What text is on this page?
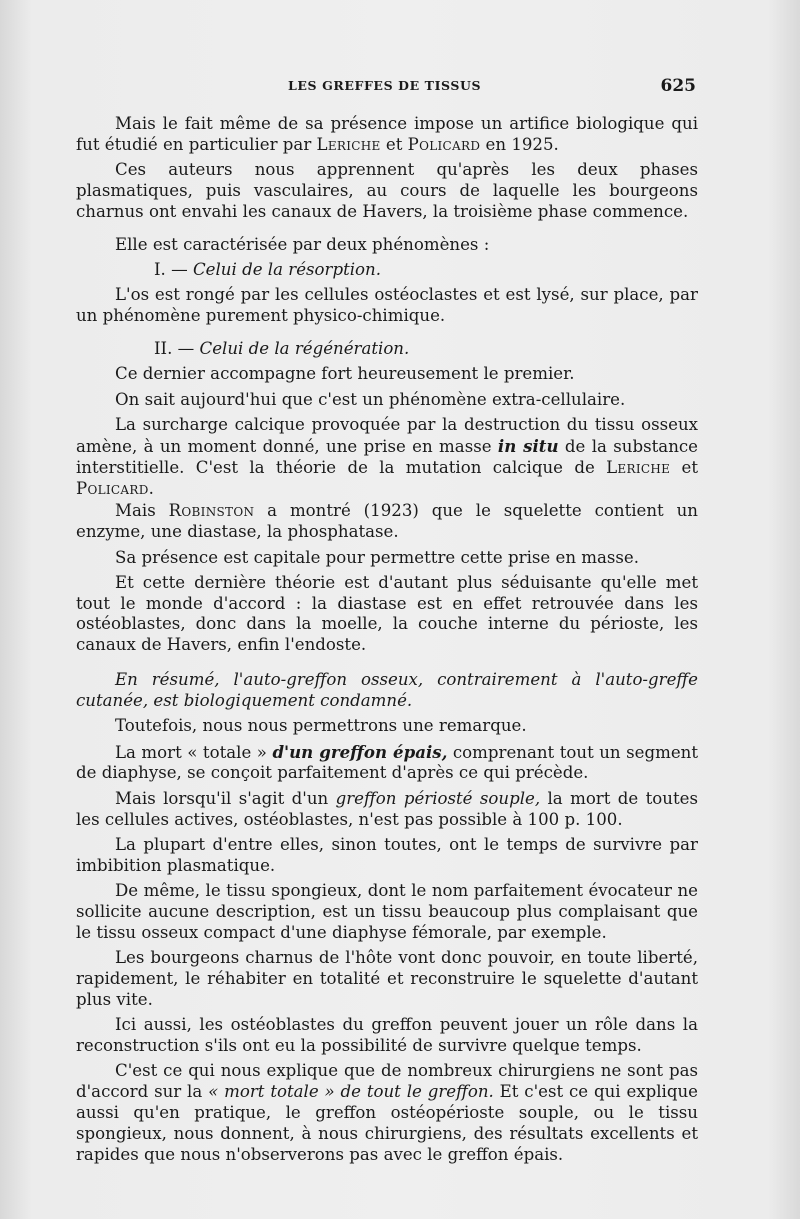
LES GREFFES DE TISSUS	625

Mais le fait même de sa présence impose un artifice biologique qui fut étudié en particulier par Leriche et Policard en 1925.

Ces auteurs nous apprennent qu'après les deux phases plasmatiques, puis vasculaires, au cours de laquelle les bourgeons charnus ont envahi les canaux de Havers, la troisième phase commence.

Elle est caractérisée par deux phénomènes :

I. — Celui de la résorption.

L'os est rongé par les cellules ostéoclastes et est lysé, sur place, par un phénomène purement physico-chimique.

II. — Celui de la régénération.

Ce dernier accompagne fort heureusement le premier.

On sait aujourd'hui que c'est un phénomène extra-cellulaire.

La surcharge calcique provoquée par la destruction du tissu osseux amène, à un moment donné, une prise en masse in situ de la substance interstitielle. C'est la théorie de la mutation calcique de Leriche et Policard.

Mais Robinston a montré (1923) que le squelette contient un enzyme, une diastase, la phosphatase.

Sa présence est capitale pour permettre cette prise en masse.

Et cette dernière théorie est d'autant plus séduisante qu'elle met tout le monde d'accord : la diastase est en effet retrouvée dans les ostéoblastes, donc dans la moelle, la couche interne du périoste, les canaux de Havers, enfin l'endoste.

En résumé, l'auto-greffon osseux, contrairement à l'auto-greffe cutanée, est biologiquement condamné.

Toutefois, nous nous permettrons une remarque.

La mort « totale » d'un greffon épais, comprenant tout un segment de diaphyse, se conçoit parfaitement d'après ce qui précède.

Mais lorsqu'il s'agit d'un greffon périosté souple, la mort de toutes les cellules actives, ostéoblastes, n'est pas possible à 100 p. 100.

La plupart d'entre elles, sinon toutes, ont le temps de survivre par imbibition plasmatique.

De même, le tissu spongieux, dont le nom parfaitement évocateur ne sollicite aucune description, est un tissu beaucoup plus complaisant que le tissu osseux compact d'une diaphyse fémorale, par exemple.

Les bourgeons charnus de l'hôte vont donc pouvoir, en toute liberté, rapidement, le réhabiter en totalité et reconstruire le squelette d'autant plus vite.

Ici aussi, les ostéoblastes du greffon peuvent jouer un rôle dans la reconstruction s'ils ont eu la possibilité de survivre quelque temps.

C'est ce qui nous explique que de nombreux chirurgiens ne sont pas d'accord sur la « mort totale » de tout le greffon. Et c'est ce qui explique aussi qu'en pratique, le greffon ostéopérioste souple, ou le tissu spongieux, nous donnent, à nous chirurgiens, des résultats excellents et rapides que nous n'observerons pas avec le greffon épais.
